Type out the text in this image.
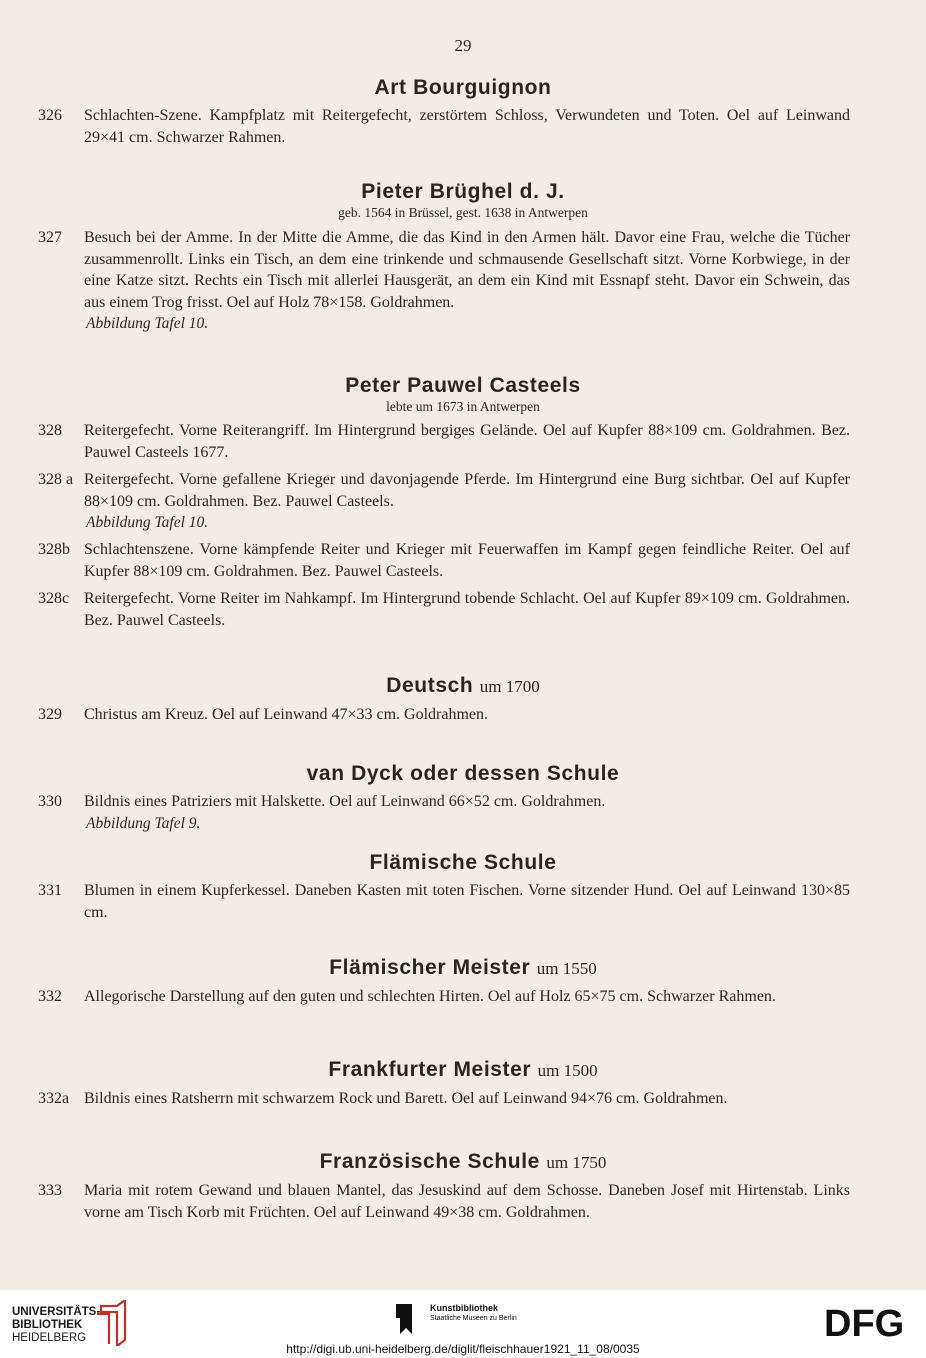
29
Art Bourguignon
326 Schlachten-Szene. Kampfplatz mit Reitergefecht, zerstörtem Schloss, Verwundeten und Toten. Oel auf Leinwand 29×41 cm. Schwarzer Rahmen.
Pieter Brüghel d. J.
geb. 1564 in Brüssel, gest. 1638 in Antwerpen
327 Besuch bei der Amme. In der Mitte die Amme, die das Kind in den Armen hält. Davor eine Frau, welche die Tücher zusammenrollt. Links ein Tisch, an dem eine trinkende und schmausende Gesellschaft sitzt. Vorne Korbwiege, in der eine Katze sitzt. Rechts ein Tisch mit allerlei Hausgerät, an dem ein Kind mit Essnapf steht. Davor ein Schwein, das aus einem Trog frisst. Oel auf Holz 78×158. Goldrahmen.
Abbildung Tafel 10.
Peter Pauwel Casteels
lebte um 1673 in Antwerpen
328 Reitergefecht. Vorne Reiterangriff. Im Hintergrund bergiges Gelände. Oel auf Kupfer 88×109 cm. Goldrahmen. Bez. Pauwel Casteels 1677.
328 a Reitergefecht. Vorne gefallene Krieger und davonjagende Pferde. Im Hintergrund eine Burg sichtbar. Oel auf Kupfer 88×109 cm. Goldrahmen. Bez. Pauwel Casteels.
Abbildung Tafel 10.
328b Schlachtenszene. Vorne kämpfende Reiter und Krieger mit Feuerwaffen im Kampf gegen feindliche Reiter. Oel auf Kupfer 88×109 cm. Goldrahmen. Bez. Pauwel Casteels.
328c Reitergefecht. Vorne Reiter im Nahkampf. Im Hintergrund tobende Schlacht. Oel auf Kupfer 89×109 cm. Goldrahmen. Bez. Pauwel Casteels.
Deutsch um 1700
329 Christus am Kreuz. Oel auf Leinwand 47×33 cm. Goldrahmen.
van Dyck oder dessen Schule
330 Bildnis eines Patriziers mit Halskette. Oel auf Leinwand 66×52 cm. Goldrahmen.
Abbildung Tafel 9.
Flämische Schule
331 Blumen in einem Kupferkessel. Daneben Kasten mit toten Fischen. Vorne sitzender Hund. Oel auf Leinwand 130×85 cm.
Flämischer Meister um 1550
332 Allegorische Darstellung auf den guten und schlechten Hirten. Oel auf Holz 65×75 cm. Schwarzer Rahmen.
Frankfurter Meister um 1500
332a Bildnis eines Ratsherrn mit schwarzem Rock und Barett. Oel auf Leinwand 94×76 cm. Goldrahmen.
Französische Schule um 1750
333 Maria mit rotem Gewand und blauen Mantel, das Jesuskind auf dem Schosse. Daneben Josef mit Hirtenstab. Links vorne am Tisch Korb mit Früchten. Oel auf Leinwand 49×38 cm. Goldrahmen.
UNIVERSITÄTS-
BIBLIOTHEK
HEIDELBERG
Kunstbibliothek
Staatliche Museen zu Berlin	DFG
http://digi.ub.uni-heidelberg.de/diglit/fleischhauer1921_11_08/0035
